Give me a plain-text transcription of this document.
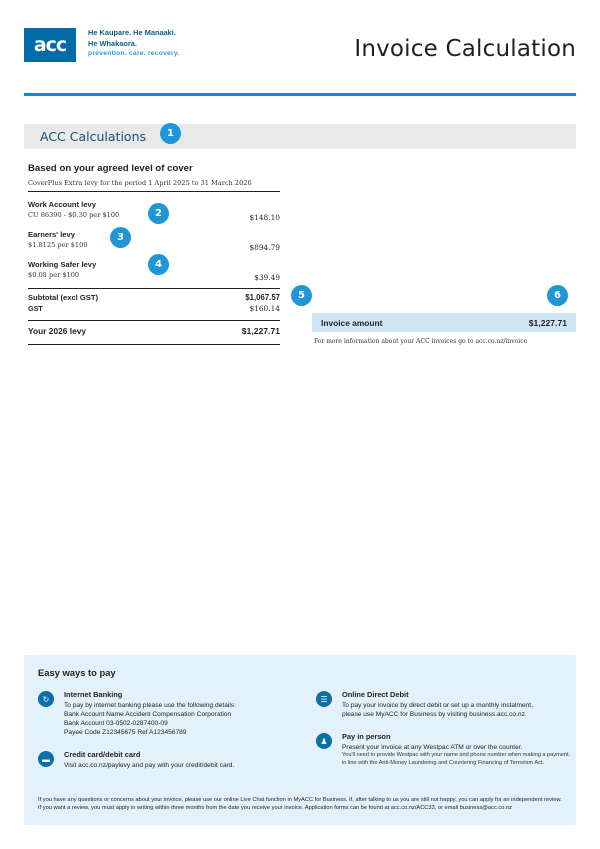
acc
He Kaupare. He Manaaki.
He Whakaora.
prevention. care. recovery.	Invoice Calculation
ACC Calculations
Based on your agreed level of cover
CoverPlus Extra levy for the period 1 April 2025 to 31 March 2026
Work Account levy
CU 86390 - $0.30 per $100	$148.10
Earners' levy
$1.8125 per $100	$894.79
Working Safer levy
$0.08 per $100	$39.49
Subtotal (excl GST)	$1,067.57
GST	$160.14
Your 2026 levy	$1,227.71
Invoice amount	$1,227.71
For more information about your ACC invoices go to acc.co.nz/invoice
1
2
3
4
5	6
Easy ways to pay
↻ Internet Banking

To pay by internet banking please use the following details:

Bank Account Name Accident Compensation Corporation

Bank Account 03-0502-0287400-09

Payee Code Z12345675 Ref A123456789

▬ Credit card/debit card

Visit acc.co.nz/paylevy and pay with your credit/debit card.

☰ Online Direct Debit

To pay your invoice by direct debit or set up a monthly instalment,

please use MyACC for Business by visiting business.acc.co.nz.

♟ Pay in person

Present your invoice at any Westpac ATM or over the counter.

You'll need to provide Westpac with your name and phone number when making a payment, in line with the Anti-Money Laundering and Countering Financing of Terrorism Act.

If you have any questions or concerns about your invoice, please use our online Live Chat function in MyACC for Business. If, after talking to us you are still not happy, you can apply for an independent review. If you want a review, you must apply in writing within three months from the date you receive your invoice. Application forms can be found at acc.co.nz/ACC33, or email business@acc.co.nz
